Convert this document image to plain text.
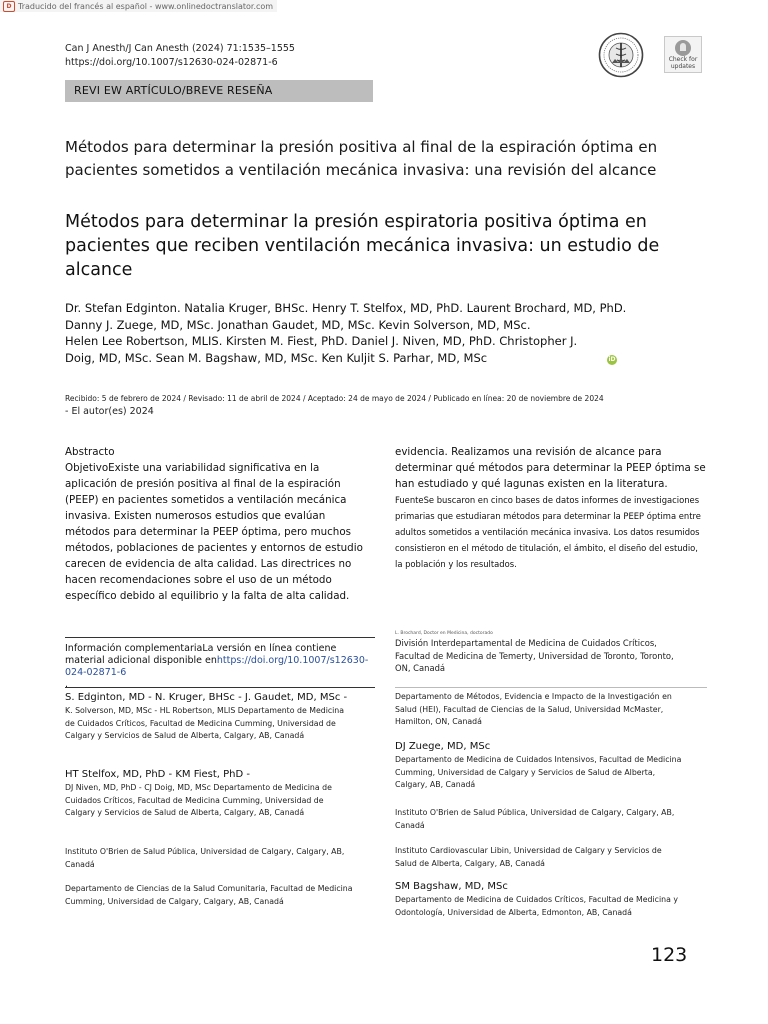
D Traducido del francés al español - www.onlinedoctranslator.com
Can J Anesth/J Can Anesth (2024) 71:1535–1555
https://doi.org/10.1007/s12630-024-02871-6	Check for
updates
REVI EW ARTÍCULO/BREVE RESEÑA
Métodos para determinar la presión positiva al final de la espiración óptima en pacientes sometidos a ventilación mecánica invasiva: una revisión del alcance
Métodos para determinar la presión espiratoria positiva óptima en pacientes que reciben ventilación mecánica invasiva: un estudio de alcance
Dr. Stefan Edginton. Natalia Kruger, BHSc. Henry T. Stelfox, MD, PhD. Laurent Brochard, MD, PhD.
Danny J. Zuege, MD, MSc. Jonathan Gaudet, MD, MSc. Kevin Solverson, MD, MSc.
Helen Lee Robertson, MLIS. Kirsten M. Fiest, PhD. Daniel J. Niven, MD, PhD. Christopher J.
Doig, MD, MSc. Sean M. Bagshaw, MD, MSc. Ken Kuljit S. Parhar, MD, MSc	iD
Recibido: 5 de febrero de 2024 / Revisado: 11 de abril de 2024 / Aceptado: 24 de mayo de 2024 / Publicado en línea: 20 de noviembre de 2024
- El autor(es) 2024
Abstracto
ObjetivoExiste una variabilidad significativa en la aplicación de presión positiva al final de la espiración (PEEP) en pacientes sometidos a ventilación mecánica invasiva. Existen numerosos estudios que evalúan métodos para determinar la PEEP óptima, pero muchos métodos, poblaciones de pacientes y entornos de estudio carecen de evidencia de alta calidad. Las directrices no hacen recomendaciones sobre el uso de un método específico debido al equilibrio y la falta de alta calidad.
evidencia. Realizamos una revisión de alcance para determinar qué métodos para determinar la PEEP óptima se han estudiado y qué lagunas existen en la literatura.
FuenteSe buscaron en cinco bases de datos informes de investigaciones primarias que estudiaran métodos para determinar la PEEP óptima entre adultos sometidos a ventilación mecánica invasiva. Los datos resumidos consistieron en el método de titulación, el ámbito, el diseño del estudio, la población y los resultados.
Información complementariaLa versión en línea contiene material adicional disponible enhttps://doi.org/10.1007/s12630-024-02871-6
.
S. Edginton, MD - N. Kruger, BHSc - J. Gaudet, MD, MSc -
K. Solverson, MD, MSc - HL Robertson, MLIS Departamento de Medicina de Cuidados Críticos, Facultad de Medicina Cumming, Universidad de Calgary y Servicios de Salud de Alberta, Calgary, AB, Canadá
HT Stelfox, MD, PhD - KM Fiest, PhD -
DJ Niven, MD, PhD - CJ Doig, MD, MSc Departamento de Medicina de Cuidados Críticos, Facultad de Medicina Cumming, Universidad de Calgary y Servicios de Salud de Alberta, Calgary, AB, Canadá
Instituto O'Brien de Salud Pública, Universidad de Calgary, Calgary, AB, Canadá
Departamento de Ciencias de la Salud Comunitaria, Facultad de Medicina Cumming, Universidad de Calgary, Calgary, AB, Canadá
L. Brochard, Doctor en Medicina, doctorado
División Interdepartamental de Medicina de Cuidados Críticos, Facultad de Medicina de Temerty, Universidad de Toronto, Toronto, ON, Canadá
Departamento de Métodos, Evidencia e Impacto de la Investigación en Salud (HEI), Facultad de Ciencias de la Salud, Universidad McMaster, Hamilton, ON, Canadá
DJ Zuege, MD, MSc
Departamento de Medicina de Cuidados Intensivos, Facultad de Medicina Cumming, Universidad de Calgary y Servicios de Salud de Alberta, Calgary, AB, Canadá
Instituto O'Brien de Salud Pública, Universidad de Calgary, Calgary, AB, Canadá
Instituto Cardiovascular Libin, Universidad de Calgary y Servicios de Salud de Alberta, Calgary, AB, Canadá
SM Bagshaw, MD, MSc
Departamento de Medicina de Cuidados Críticos, Facultad de Medicina y Odontología, Universidad de Alberta, Edmonton, AB, Canadá
123
